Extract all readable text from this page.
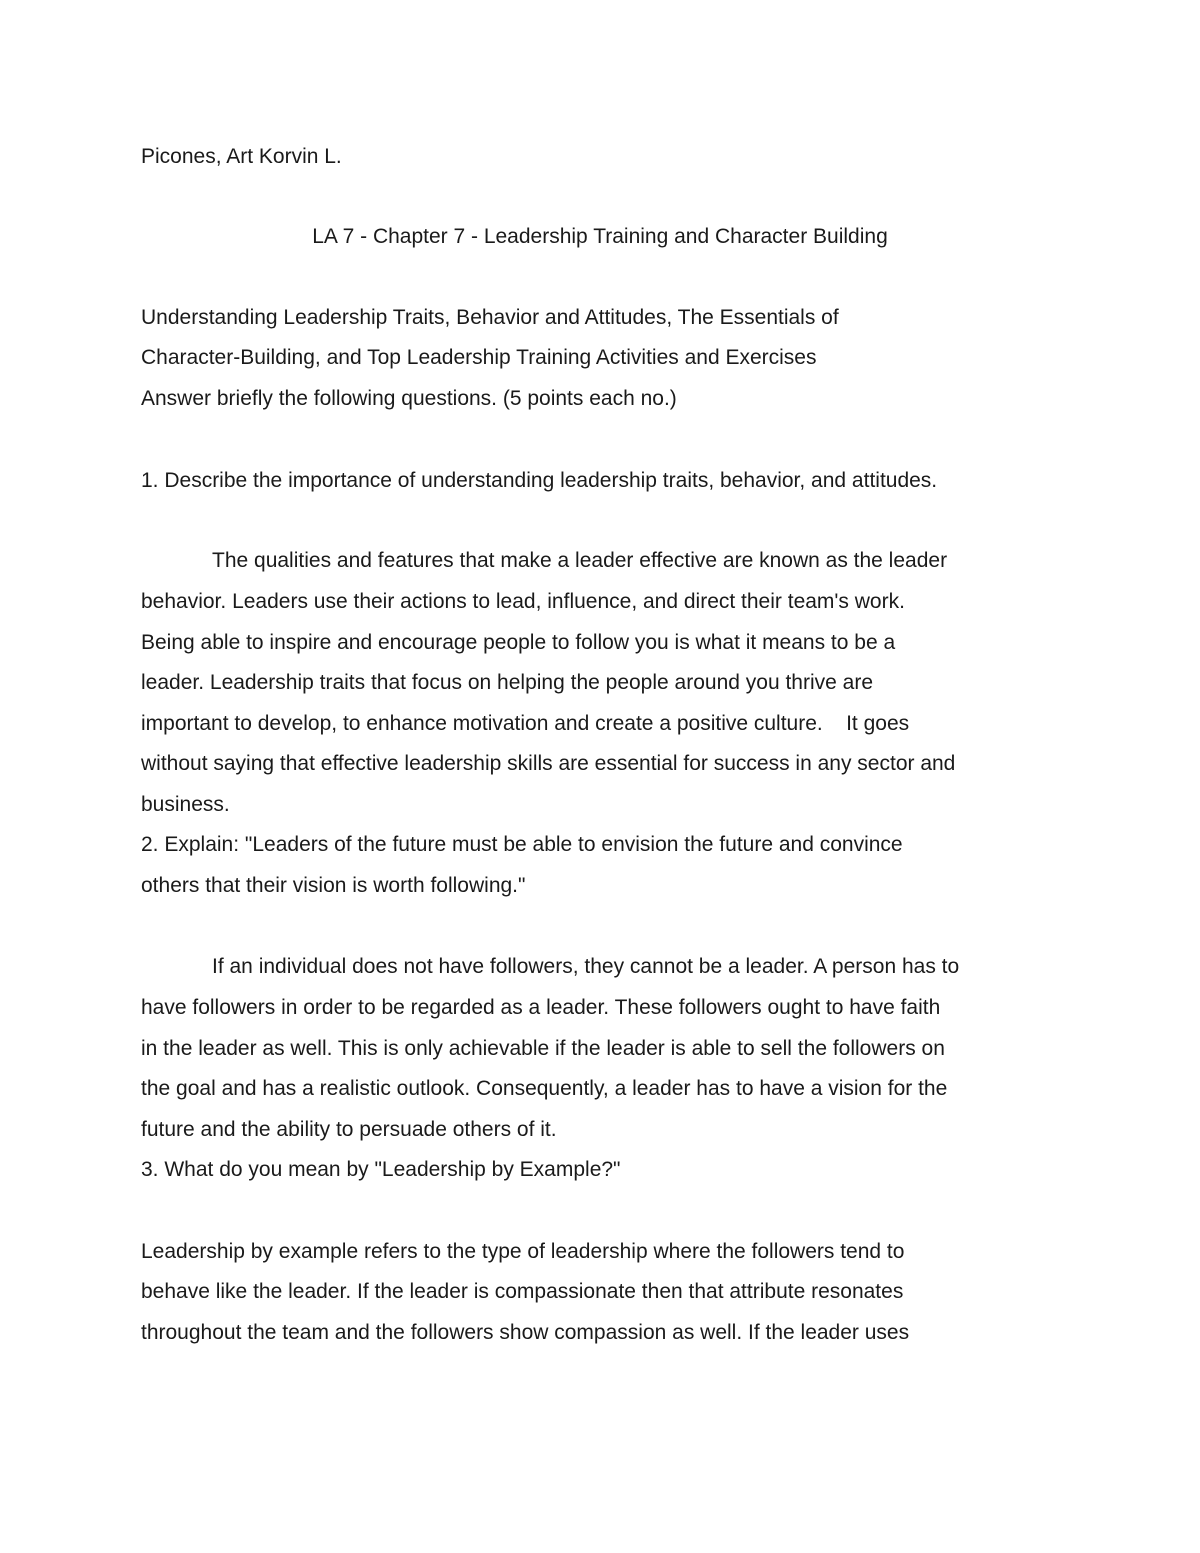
Picones, Art Korvin L.
LA 7 - Chapter 7 - Leadership Training and Character Building
Understanding Leadership Traits, Behavior and Attitudes, The Essentials of
Character-Building, and Top Leadership Training Activities and Exercises
Answer briefly the following questions. (5 points each no.)
1. Describe the importance of understanding leadership traits, behavior, and attitudes.
The qualities and features that make a leader effective are known as the leader
behavior. Leaders use their actions to lead, influence, and direct their team's work.
Being able to inspire and encourage people to follow you is what it means to be a
leader. Leadership traits that focus on helping the people around you thrive are
important to develop, to enhance motivation and create a positive culture.    It goes
without saying that effective leadership skills are essential for success in any sector and
business.
2. Explain: "Leaders of the future must be able to envision the future and convince
others that their vision is worth following."
If an individual does not have followers, they cannot be a leader. A person has to
have followers in order to be regarded as a leader. These followers ought to have faith
in the leader as well. This is only achievable if the leader is able to sell the followers on
the goal and has a realistic outlook. Consequently, a leader has to have a vision for the
future and the ability to persuade others of it.
3. What do you mean by "Leadership by Example?"
Leadership by example refers to the type of leadership where the followers tend to
behave like the leader. If the leader is compassionate then that attribute resonates
throughout the team and the followers show compassion as well. If the leader uses
